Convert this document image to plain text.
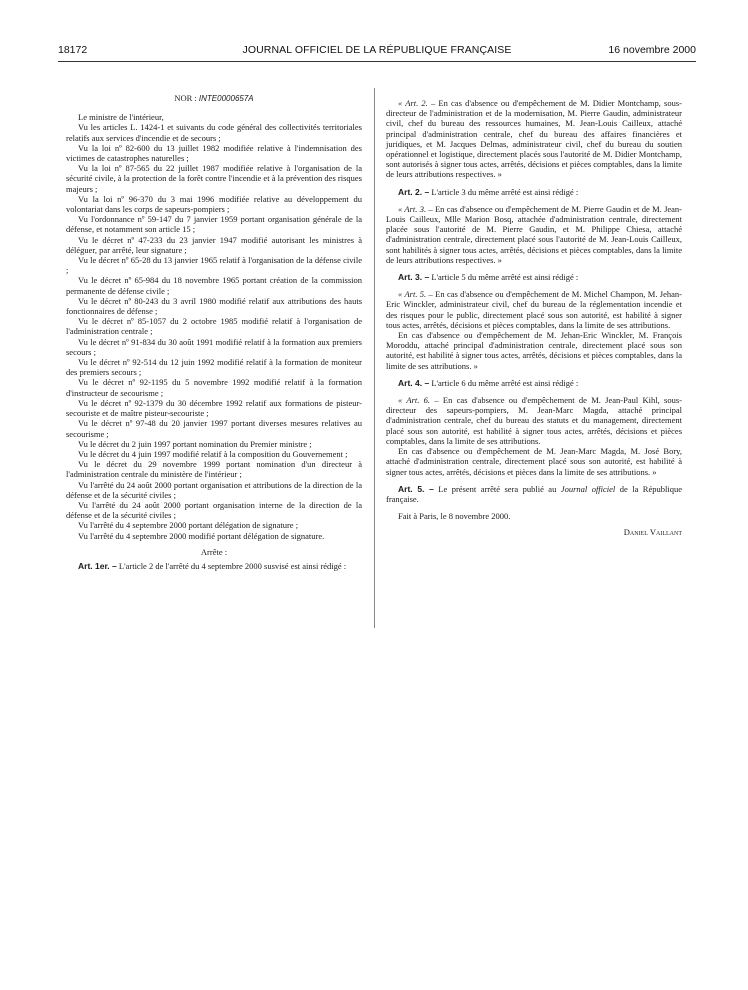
18172	JOURNAL OFFICIEL DE LA RÉPUBLIQUE FRANÇAISE	16 novembre 2000

NOR : INTE0000657A

Le ministre de l'intérieur,

Vu les articles L. 1424-1 et suivants du code général des collectivités territoriales relatifs aux services d'incendie et de secours ;

Vu la loi nº 82-600 du 13 juillet 1982 modifiée relative à l'indemnisation des victimes de catastrophes naturelles ;

Vu la loi nº 87-565 du 22 juillet 1987 modifiée relative à l'organisation de la sécurité civile, à la protection de la forêt contre l'incendie et à la prévention des risques majeurs ;

Vu la loi nº 96-370 du 3 mai 1996 modifiée relative au développement du volontariat dans les corps de sapeurs-pompiers ;

Vu l'ordonnance nº 59-147 du 7 janvier 1959 portant organisation générale de la défense, et notamment son article 15 ;

Vu le décret nº 47-233 du 23 janvier 1947 modifié autorisant les ministres à déléguer, par arrêté, leur signature ;

Vu le décret nº 65-28 du 13 janvier 1965 relatif à l'organisation de la défense civile ;

Vu le décret nº 65-984 du 18 novembre 1965 portant création de la commission permanente de défense civile ;

Vu le décret nº 80-243 du 3 avril 1980 modifié relatif aux attributions des hauts fonctionnaires de défense ;

Vu le décret nº 85-1057 du 2 octobre 1985 modifié relatif à l'organisation de l'administration centrale ;

Vu le décret nº 91-834 du 30 août 1991 modifié relatif à la formation aux premiers secours ;

Vu le décret nº 92-514 du 12 juin 1992 modifié relatif à la formation de moniteur des premiers secours ;

Vu le décret nº 92-1195 du 5 novembre 1992 modifié relatif à la formation d'instructeur de secourisme ;

Vu le décret nº 92-1379 du 30 décembre 1992 relatif aux formations de pisteur-secouriste et de maître pisteur-secouriste ;

Vu le décret nº 97-48 du 20 janvier 1997 portant diverses mesures relatives au secourisme ;

Vu le décret du 2 juin 1997 portant nomination du Premier ministre ;

Vu le décret du 4 juin 1997 modifié relatif à la composition du Gouvernement ;

Vu le décret du 29 novembre 1999 portant nomination d'un directeur à l'administration centrale du ministère de l'intérieur ;

Vu l'arrêté du 24 août 2000 portant organisation et attributions de la direction de la défense et de la sécurité civiles ;

Vu l'arrêté du 24 août 2000 portant organisation interne de la direction de la défense et de la sécurité civiles ;

Vu l'arrêté du 4 septembre 2000 portant délégation de signature ;

Vu l'arrêté du 4 septembre 2000 modifié portant délégation de signature.

Arrête :

Art. 1er. – L'article 2 de l'arrêté du 4 septembre 2000 susvisé est ainsi rédigé :

« Art. 2. – En cas d'absence ou d'empêchement de M. Didier Montchamp, sous-directeur de l'administration et de la modernisation, M. Pierre Gaudin, administrateur civil, chef du bureau des ressources humaines, M. Jean-Louis Cailleux, attaché principal d'administration centrale, chef du bureau des affaires financières et juridiques, et M. Jacques Delmas, administrateur civil, chef du bureau du soutien opérationnel et logistique, directement placés sous l'autorité de M. Didier Montchamp, sont autorisés à signer tous actes, arrêtés, décisions et pièces comptables, dans la limite de leurs attributions respectives. »

Art. 2. – L'article 3 du même arrêté est ainsi rédigé :

« Art. 3. – En cas d'absence ou d'empêchement de M. Pierre Gaudin et de M. Jean-Louis Cailleux, Mlle Marion Bosq, attachée d'administration centrale, directement placée sous l'autorité de M. Pierre Gaudin, et M. Philippe Chiesa, attaché d'administration centrale, directement placé sous l'autorité de M. Jean-Louis Cailleux, sont habilités à signer tous actes, arrêtés, décisions et pièces comptables, dans la limite de leurs attributions respectives. »

Art. 3. – L'article 5 du même arrêté est ainsi rédigé :

« Art. 5. – En cas d'absence ou d'empêchement de M. Michel Champon, M. Jehan-Eric Winckler, administrateur civil, chef du bureau de la réglementation incendie et des risques pour le public, directement placé sous son autorité, est habilité à signer tous actes, arrêtés, décisions et pièces comptables, dans la limite de ses attributions.

En cas d'absence ou d'empêchement de M. Jehan-Eric Winckler, M. François Moroddu, attaché principal d'administration centrale, directement placé sous son autorité, est habilité à signer tous actes, arrêtés, décisions et pièces comptables, dans la limite de ses attributions. »

Art. 4. – L'article 6 du même arrêté est ainsi rédigé :

« Art. 6. – En cas d'absence ou d'empêchement de M. Jean-Paul Kihl, sous-directeur des sapeurs-pompiers, M. Jean-Marc Magda, attaché principal d'administration centrale, chef du bureau des statuts et du management, directement placé sous son autorité, est habilité à signer tous actes, arrêtés, décisions et pièces comptables, dans la limite de ses attributions.

En cas d'absence ou d'empêchement de M. Jean-Marc Magda, M. José Bory, attaché d'administration centrale, directement placé sous son autorité, est habilité à signer tous actes, arrêtés, décisions et pièces dans la limite de ses attributions. »

Art. 5. – Le présent arrêté sera publié au Journal officiel de la République française.

Fait à Paris, le 8 novembre 2000.

Daniel Vaillant
